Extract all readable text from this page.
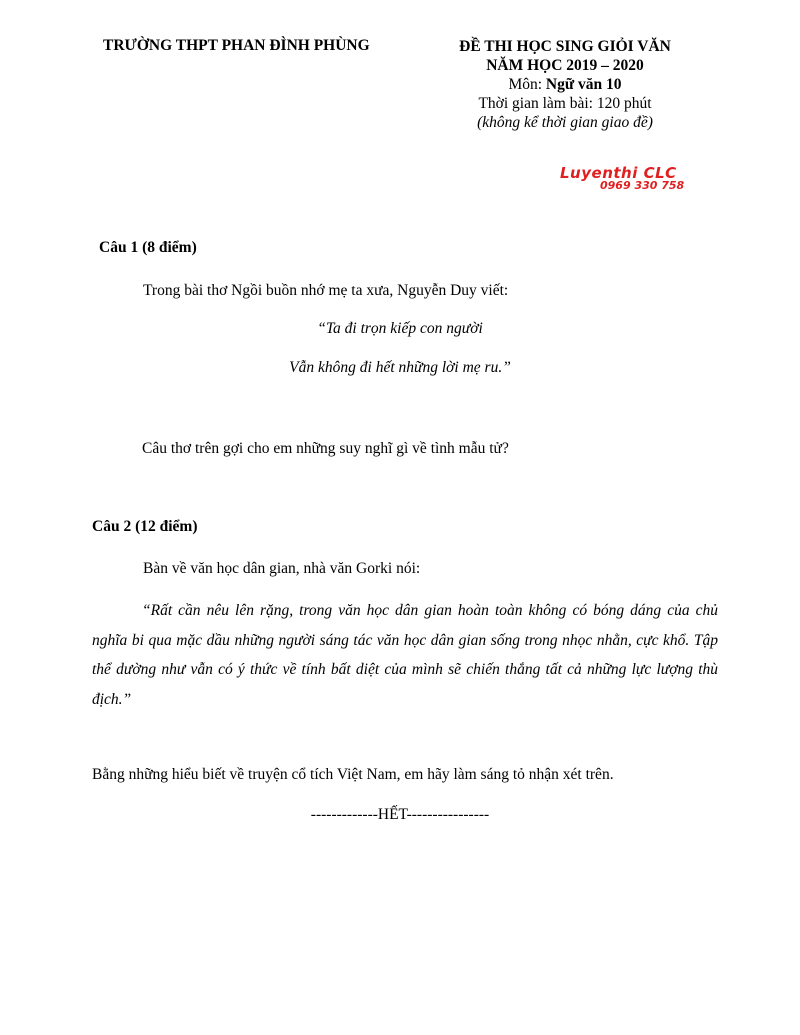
TRƯỜNG THPT PHAN ĐÌNH PHÙNG	ĐỀ THI HỌC SING GIỎI VĂN
NĂM HỌC 2019 – 2020
Môn: Ngữ văn 10
Thời gian làm bài: 120 phút
(không kể thời gian giao đề)
Luyenthi CLC
0969 330 758
Câu 1 (8 điểm)
Trong bài thơ Ngồi buồn nhớ mẹ ta xưa, Nguyễn Duy viết:
“Ta đi trọn kiếp con người
Vẫn không đi hết những lời mẹ ru.”
Câu thơ trên gợi cho em những suy nghĩ gì về tình mẫu tử?
Câu 2 (12 điểm)
Bàn về văn học dân gian, nhà văn Gorki nói:
“Rất cần nêu lên rặng, trong văn học dân gian hoàn toàn không có bóng dáng của chủ nghĩa bi qua mặc dầu những người sáng tác văn học dân gian sống trong nhọc nhằn, cực khổ. Tập thể dường như vẫn có ý thức về tính bất diệt của mình sẽ chiến thắng tất cả những lực lượng thù địch.”
Bằng những hiểu biết về truyện cổ tích Việt Nam, em hãy làm sáng tỏ nhận xét trên.
-------------HẾT----------------
